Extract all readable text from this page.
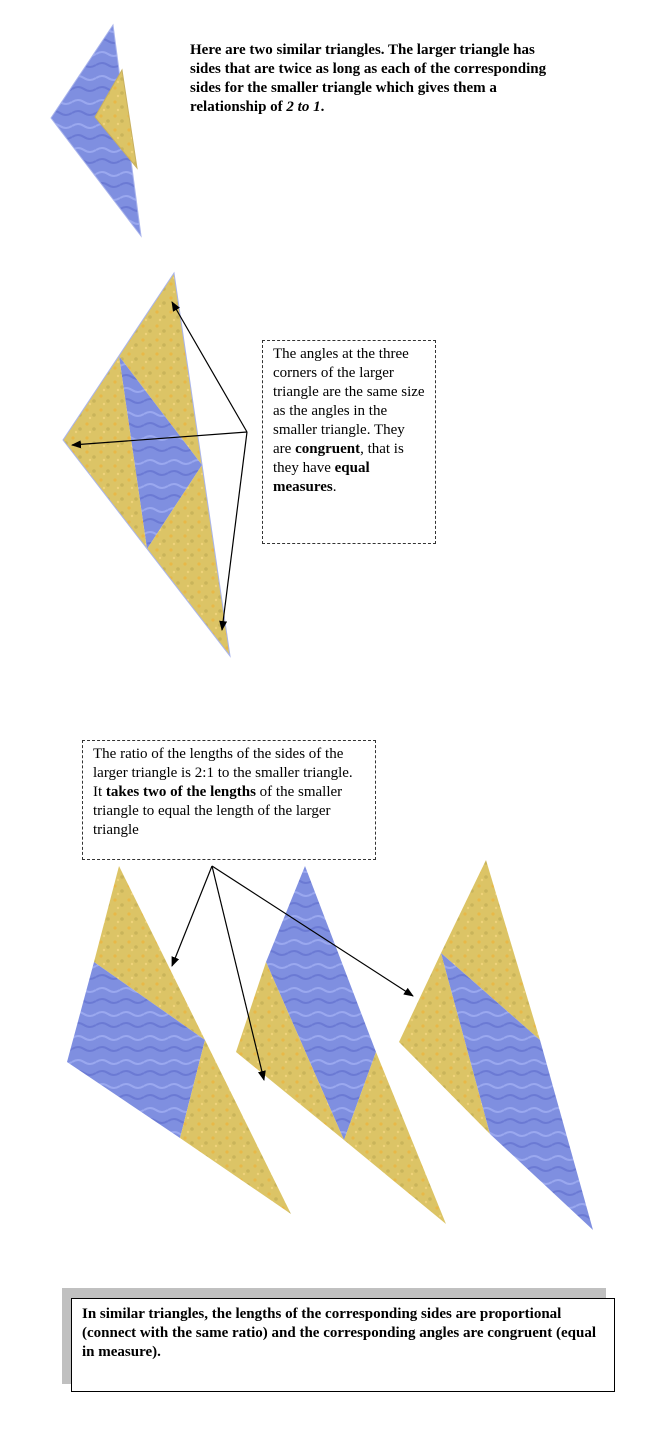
Here are two similar triangles. The larger triangle has sides that are twice as long as each of the corresponding sides for the smaller triangle which gives them a relationship of 2 to 1.
The angles at the three corners of the larger triangle are the same size as the angles in the smaller triangle. They are congruent, that is they have equal measures.
The ratio of the lengths of the sides of the larger triangle is 2:1 to the smaller triangle. It takes two of the lengths of the smaller triangle to equal the length of the larger triangle
In similar triangles, the lengths of the corresponding sides are proportional (connect with the same ratio) and the corresponding angles are congruent (equal in measure).
